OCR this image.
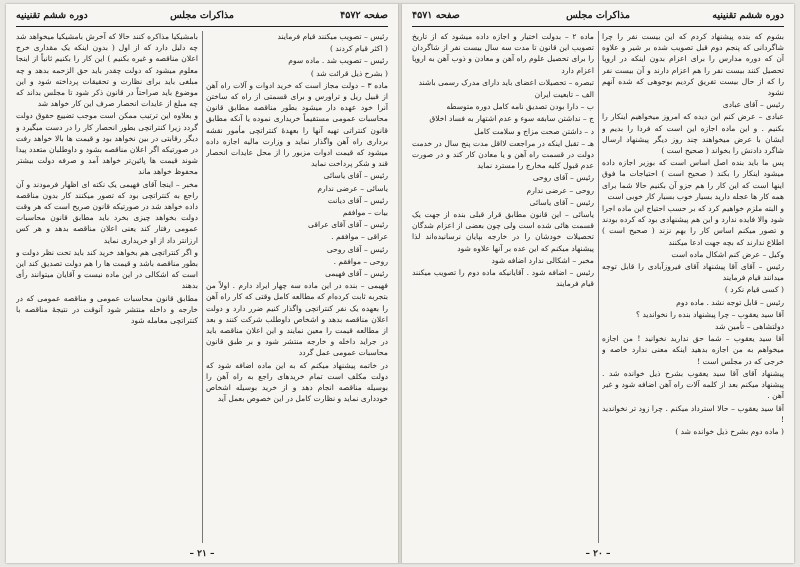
صفحه ۴۵۷۲
مذاکرات مجلس
دوره ششم تقنینیه

رئیس – تصویب میکنند قیام فرمایند

( اکثر قیام کردند )

رئیس – تصویب شد . ماده سوم

( بشرح ذیل قرائت شد )

ماده ۳ – دولت مجاز است که خرید ادوات و آلات راه آهن از قبیل ریل و تراورس و برای قسمتی از راه که ساختن آنرا خود عهده دار میشود بطور مناقصه مطابق قانون محاسبات عمومی مستقیماً خریداری نموده یا آنکه مطابق قانون کنتراتی تهیه آنها را بعهدهٔ کنتراتچی مأمور نقشه برداری راه آهن واگذار نماید و وزارت مالیه اجازه داده میشود که قیمت ادوات مزبور را از محل عایدات انحصار قند و شکر پرداخت نماید

رئیس – آقای یاسائی

یاسائی – عرضی ندارم

رئیس – آقای دیانت

بیات – موافقم

رئیس – آقای آقای عراقی

عراقی – موافقم .

رئیس – آقای روحی

روحی – موافقم .

رئیس – آقای فهیمی

فهیمی – بنده در این ماده سه چهار ایراد دارم . اولاً من بتجربه ثابت کرده‌ام که مطالعه کامل وقتی که کار راه آهن را بعهده یک نفر کنتراتچی واگذار کنیم ضرر دارد و دولت اعلان مناقصه بدهد و اشخاص داوطلب شرکت کنند و بعد از مطالعه قیمت را معین نمایند و این اعلان مناقصه باید در جراید داخله و خارجه منتشر شود و بر طبق قانون محاسبات عمومی عمل گردد

در خاتمه پیشنهاد میکنم که به این ماده اضافه شود که دولت مکلف است تمام خریدهای راجع به راه آهن را بوسیله مناقصه انجام دهد و از خرید بوسیله اشخاص خودداری نماید و نظارت کامل در این خصوص بعمل آید

بامشیکیا مذاکره کنند حالا که آخرش بامشیکیا میخواهد شد چه دلیل دارد که از اول ( بدون اینکه یک مقداری خرج اعلان مناقصه و غیره بکنیم ) این کار را بکنیم ثانیاً از اینجا معلوم میشود که دولت چقدر باید حق الزحمه بدهد و چه مبلغی باید برای نظارت و تحقیقات پرداخته شود و این موضوع باید صراحتاً در قانون ذکر شود تا مجلس بداند که چه مبلغ از عایدات انحصار صرف این کار خواهد شد

و بعلاوه این ترتیب ممکن است موجب تضییع حقوق دولت گردد زیرا کنتراتچی بطور انحصار کار را در دست میگیرد و دیگر رقابتی در بین نخواهد بود و قیمت ها بالا خواهد رفت در صورتیکه اگر اعلان مناقصه بشود و داوطلبان متعدد پیدا شوند قیمت ها پائین‌تر خواهد آمد و صرفه دولت بیشتر محفوظ خواهد ماند

مخبر – اینجا آقای فهیمی یک نکته ای اظهار فرمودند و آن راجع به کنتراتچی بود که تصور میکنند کار بدون مناقصه داده خواهد شد در صورتیکه قانون صریح است که هر وقت دولت بخواهد چیزی بخرد باید مطابق قانون محاسبات عمومی رفتار کند یعنی اعلان مناقصه بدهد و هر کس ارزانتر داد از او خریداری نماید

و اگر کنتراتچی هم بخواهد خرید کند باید تحت نظر دولت و بطور مناقصه باشد و قیمت ها را هم دولت تصدیق کند این است که اشکالی در این ماده نیست و آقایان میتوانند رأی بدهند

مطابق قانون محاسبات عمومی و مناقصه عمومی که در خارجه و داخله منتشر شود آنوقت در نتیجهٔ مناقصه با کنتراتچی معامله شود

– ۲۱ –
دوره ششم تقنینیه
مذاکرات مجلس
صفحه ۴۵۷۱

بشوم که بنده پیشنهاد کردم که این بیست نفر را چرا شاگردانی که پنجم دوم قبل تصویب شده بر شیر و علاوه آن که دوره مدارس را برای اعزام بدون اینکه در اروپا تحصیل کنند بیست نفر را هم اعزام دارند و آن بیست نفر را که از حال بیست تفریق کردیم بوجوهی که شده آنهم نشود

رئیس – آقای عبادی

عبادی – عرض کنم این دیده که امروز میخواهیم اینکار را بکنیم . و این ماده اجازه این است که فردا را بدیم و ایشان با عرض میخواهند چند روز دیگر پیشنهاد ارسال شاگرد دادنش را بخواند ( صحیح است )

پس ما باید بنده اصل اساس است که بوزیر اجازه داده میشود اینکار را بکند ( صحیح است ) احتیاجات ما فوق اینها است که این کار را هم جزو آن بکنیم حالا شما برای همه کار ها عجله دارید بسیار خوب بسیار کار خوبی است

و البته ملزم خواهیم کرد که بر حسب احتیاج این ماده اجرا شود والا فایده ندارد و این هم پیشنهادی بود که کرده بودند و تصور میکنم اساس کار را بهم نزند ( صحیح است ) اطلاع ندارند که بچه جهت ادعا میکنند

وکیل – عرض کنم اشکال ماده است

رئیس – آقای آقا پیشنهاد آقای فیروزآبادی را قابل توجه میدانند قیام فرمایند

( کسی قیام نکرد )

رئیس – قابل توجه نشد . ماده دوم

آقا سید یعقوب – چرا پیشنهاد بنده را نخواندید ؟

دولتشاهی – تأمین شد

آقا سید یعقوب – شما حق ندارید نخوانید ! من اجازه میخواهم به من اجازه بدهید اینکه معنی ندارد خاصه و خرجی که در مجلس است !

پیشنهاد آقای آقا سید یعقوب بشرح ذیل خوانده شد . پیشنهاد میکنم بعد از کلمه آلات راه آهن اضافه شود و غیر آهن .

آقا سید یعقوب – حالا استرداد میکنم . چرا زود تر نخواندید !

( ماده دوم بشرح ذیل خوانده شد )

ماده ۲ – بدولت اختیار و اجازه داده میشود که از تاریخ تصویب این قانون تا مدت سه سال بیست نفر از شاگردان را برای تحصیل علوم راه آهن و معادن و ذوب آهن به اروپا اعزام دارد

تبصره – تحصیلات اعضای باید دارای مدرک رسمی باشند

الف – تابعیت ایران

ب – دارا بودن تصدیق نامه کامل دوره متوسطه

ج – نداشتن سابقه سوء و عدم اشتهار به فساد اخلاق

د – داشتن صحت مزاج و سلامت کامل

هـ – تقبل اینکه در مراجعت لااقل مدت پنج سال در خدمت دولت در قسمت راه آهن و یا معادن کار کند و در صورت عدم قبول کلیه مخارج را مسترد نماید

رئیس – آقای روحی

روحی – عرضی ندارم

رئیس – آقای یاسائی

یاسائی – این قانون مطابق قرار قبلی بنده از جهت یک قسمت هائی شده است ولی چون بعضی از اعزام شدگان تحصیلات خودشان را در خارجه بپایان نرسانیده‌اند لذا پیشنهاد میکنم که این عده بر آنها علاوه شود

مخبر – اشکالی ندارد اضافه شود

رئیس – اضافه شود . آقایانیکه ماده دوم را تصویب میکنند قیام فرمایند

– ۲۰ –
